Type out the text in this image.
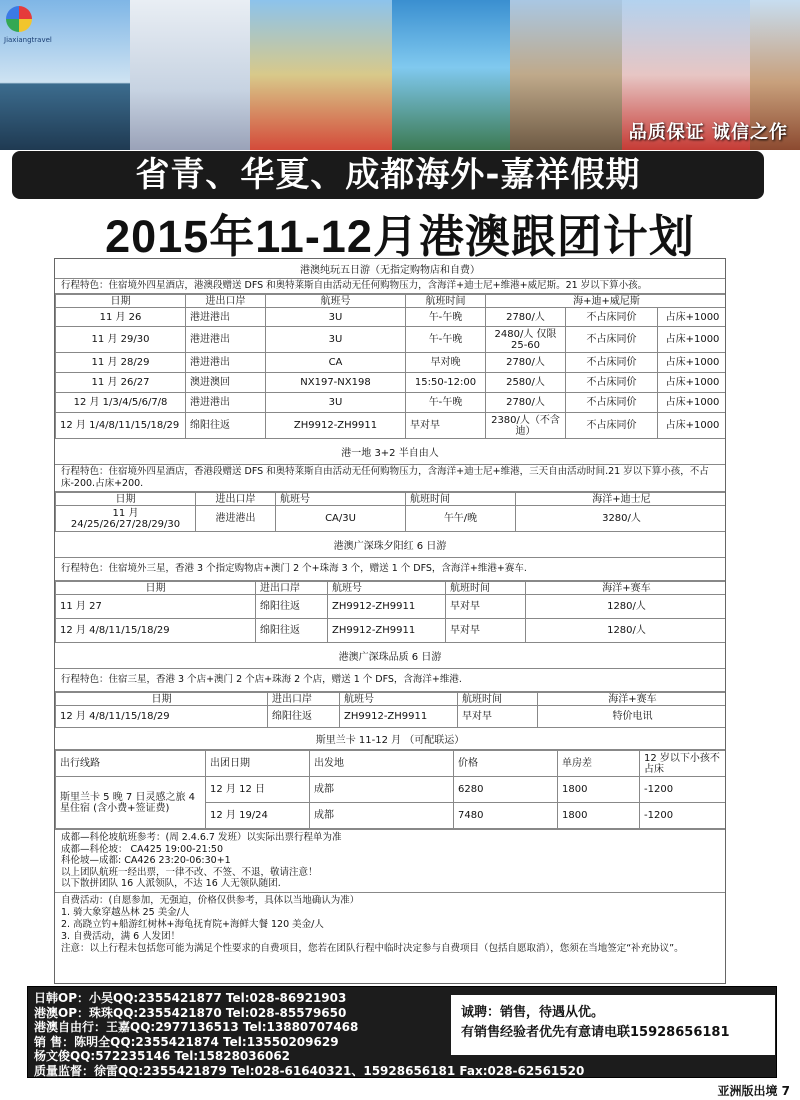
Jiaxiangtravel
品质保证 诚信之作
省青、华夏、成都海外-嘉祥假期
2015年11-12月港澳跟团计划
港澳纯玩五日游（无指定购物店和自费）
行程特色：住宿境外四星酒店，港澳段赠送 DFS 和奥特莱斯自由活动无任何购物压力，含海洋+迪士尼+维港+威尼斯。21 岁以下算小孩。
日期	进出口岸	航班号	航班时间	海+迪+威尼斯		
11 月 26	港进港出	3U	午-午晚	2780/人	不占床同价	占床+1000
11 月 29/30	港进港出	3U	午-午晚	2480/人 仅限 25-60	不占床同价	占床+1000
11 月 28/29	港进港出	CA	早对晚	2780/人	不占床同价	占床+1000
11 月 26/27	澳进澳回	NX197-NX198	15:50-12:00	2580/人	不占床同价	占床+1000
12 月 1/3/4/5/6/7/8	港进港出	3U	午-午晚	2780/人	不占床同价	占床+1000
12 月 1/4/8/11/15/18/29	绵阳往返	ZH9912-ZH9911	早对早	2380/人（不含迪）	不占床同价	占床+1000
港一地 3+2 半自由人
行程特色：住宿境外四星酒店，香港段赠送 DFS 和奥特莱斯自由活动无任何购物压力，含海洋+迪士尼+维港，三天自由活动时间.21 岁以下算小孩，不占床-200.占床+200.
日期	进出口岸	航班号	航班时间	海洋+迪士尼
11 月 24/25/26/27/28/29/30	港进港出	CA/3U	午午/晚	3280/人
港澳广深珠夕阳红 6 日游
行程特色：住宿境外三星，香港 3 个指定购物店+澳门 2 个+珠海 3 个，赠送 1 个 DFS，含海洋+维港+赛车.
日期	进出口岸	航班号	航班时间	海洋+赛车
11 月 27	绵阳往返	ZH9912-ZH9911	早对早	1280/人
12 月 4/8/11/15/18/29	绵阳往返	ZH9912-ZH9911	早对早	1280/人
港澳广深珠品质 6 日游
行程特色：住宿三星，香港 3 个店+澳门 2 个店+珠海 2 个店，赠送 1 个 DFS，含海洋+维港.
日期	进出口岸	航班号	航班时间	海洋+赛车
12 月 4/8/11/15/18/29	绵阳往返	ZH9912-ZH9911	早对早	特价电讯
斯里兰卡 11-12 月 （可配联运）
出行线路	出团日期	出发地	价格	单房差	12 岁以下小孩不占床
斯里兰卡 5 晚 7 日灵感之旅 4 星住宿 (含小费+签证费)	12 月 12 日	成都	6280	1800	-1200
	12 月 19/24	成都	7480	1800	-1200
成都—科伦坡航班参考：(周 2.4.6.7 发班）以实际出票行程单为准
成都—科伦坡： CA425 19:00-21:50
科伦坡—成都: CA426 23:20-06:30+1
以上团队航班一经出票，一律不改、不签、不退，敬请注意！
以下散拼团队 16 人派领队，不达 16 人无领队随团.
自费活动：(自愿参加，无强迫，价格仅供参考，具体以当地确认为准）
1. 骑大象穿越丛林 25 美金/人
2. 高跷立钓+船游红树林+海龟抚育院+海鲜大餐 120 美金/人
3. 自费活动，满 6 人发团！
注意：以上行程未包括您可能为满足个性要求的自费项目，您若在团队行程中临时决定参与自费项目（包括自愿取消），您须在当地签定“补充协议”。
日韩OP：小吴QQ:2355421877 Tel:028-86921903
港澳OP：珠珠QQ:2355421870 Tel:028-85579650
港澳自由行：王嘉QQ:2977136513 Tel:13880707468
销 售：陈明全QQ:2355421874 Tel:13550209629
杨文俊QQ:572235146 Tel:15828036062
质量监督：徐雷QQ:2355421879 Tel:028-61640321、15928656181 Fax:028-62561520
诚聘：销售，待遇从优。
有销售经验者优先有意请电联15928656181
亚洲版出境 7
